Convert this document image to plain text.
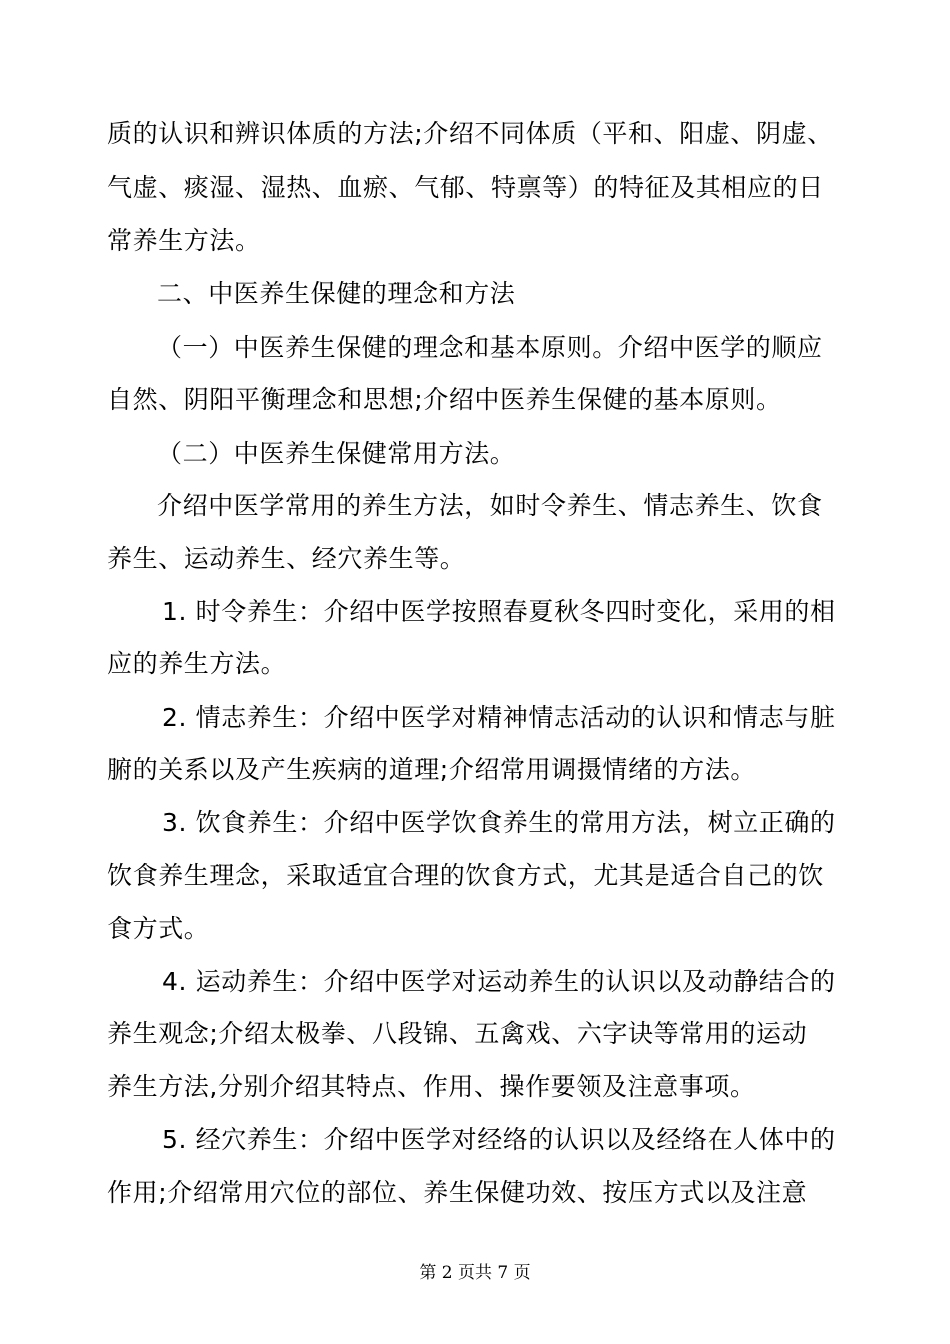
质的认识和辨识体质的方法;介绍不同体质（平和、阳虚、阴虚、
气虚、痰湿、湿热、血瘀、气郁、特禀等）的特征及其相应的日
常养生方法。
二、中医养生保健的理念和方法
（一）中医养生保健的理念和基本原则。介绍中医学的顺应
自然、阴阳平衡理念和思想;介绍中医养生保健的基本原则。
（二）中医养生保健常用方法。
介绍中医学常用的养生方法，如时令养生、情志养生、饮食
养生、运动养生、经穴养生等。
1. 时令养生：介绍中医学按照春夏秋冬四时变化，采用的相
应的养生方法。
2. 情志养生：介绍中医学对精神情志活动的认识和情志与脏
腑的关系以及产生疾病的道理;介绍常用调摄情绪的方法。
3. 饮食养生：介绍中医学饮食养生的常用方法，树立正确的
饮食养生理念，采取适宜合理的饮食方式，尤其是适合自己的饮
食方式。
4. 运动养生：介绍中医学对运动养生的认识以及动静结合的
养生观念;介绍太极拳、八段锦、五禽戏、六字诀等常用的运动
养生方法,分别介绍其特点、作用、操作要领及注意事项。
5. 经穴养生：介绍中医学对经络的认识以及经络在人体中的
作用;介绍常用穴位的部位、养生保健功效、按压方式以及注意
第 2 页共 7 页
